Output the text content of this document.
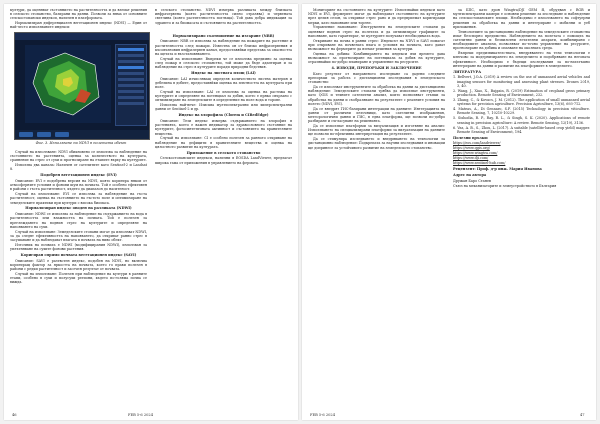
култури, да оценяват състоянието на растителността и да вземат решения в селското стопанство, базирани на данни. Позволи за няма от основните селскостопански индекси, наличен в платформата.
Нормализиран диференциален вегетационен индекс (NDVI) — Един от най-често използваните индекси
в селското стопанство. NDVI измерва разликата между близката инфрачервена (която растителността силно отразява) и червената светлина (която растителността поглъща). Той дава добра индикация за здравето и за биомасата и състоянието на растителността.
Фиг. 3. Използване на NDVI в полетата обект
Случай на използване: NDVI обикновено се използва за наблюдение на състоянието на растенията, оценка за количеството на културата, сравнение на стрес от сухи и прогнозиране на етапите върху на културите.
Използва два канала: Наличен от сателитите като Sentinel-2 и Landsat 8.
Подобрен вегетационен индекс (EVI)
Описание: EVI е подобрена версия на NDVI, която коригира някои от атмосферните условия и фонови шум на почвата. Той е особено ефективен в райони с гъста растителност, където да диапазон до наситеност.
Случай на използване: EVI се използва за наблюдение на гъста растителност, оценка на състоянието на гъстото поле и оптимизиране на земеделските практики при култури с висока биомаса.
Нормализиран индекс оводен на разликата (NDWI)
Описание: NDWI се използва за наблюдение на съдържанието на вода в растителността или влажността на почвата. Той е полезен за преглеждането на водния стрес на културите и определяне на напояването на сухи.
Случай на използване: Земеделските стопани могат да използват NDWI, за да следят ефективността на напояването, да откриват ранно стрес в засушаване и да наблюдават влагата в почвата на ниво обект.
Източник на почвата е NDWI (модифицирания NDWI), използван за уплътняване на сухите фонови растения.
Коригиран спрямо почвата вегетационен индекс (SAVI)
Описание: SAVI е разтвотен индекс, подобен на NDVI, но включва коригиращ фактор за яркостта на почвата, което го прави полезен в райони с редки растителност и засечен резултат от почвата.
Случай на използване: Полезен при наблюдение на култури в ранните етапи, особено в сухи и полусухи региони, където по-голяма почва се вижда.
Нормализирано съотношение на изгаряне (NBR)
Описание: NBR се използва за наблюдение на пожарите на растение и растителността след пожари. Известна он от близко инфрачервения и късовълновия инфрачервен канал, предоставяйки представа за опасността на щетата и възстановяването.
Случай на използване: Въпреки че се използва предимно за оценка след пожар в селското стопанство, той може да бъде адаптиран и за наблюдение на стрес в културите поради природни бедствия.
Индекс на листната площ (LAI)
Описание: LAI изчисляващ определя количеството листна материя и дебелина в добите, предоставяйки оценка на плътността на културата при поле.
Случай на използване: LAI се използва за оценка на растежа на културите и определяне на потенциал за добив, което е пряко свързано с оптимизиране на земеделските в определение на поле вода и торове.
Използва най-вече: Изисква мултиспектрални или хиперспектрални данни от Sentinel-2 и др.
Индекс на хлорофила (Clorem и CIRedEdge)
Описание: Тези индекс измерва съдържанието на хлорофил в растенията, което е важен индикатор за здравословното състояние на културите, фотосинтетичната активност и състоянието на хранителните вещества.
Случай на използване: CI е особено полезен за ранното откриване на наблюдение на дефицити в хранителните вещества и оценка на цялостното развитие на културата.
Приложение в селското стопанство
Селскостопанските индекси, налични в EOSDA LandViewer, предлагат широка гама от приложения в управлението на фермата.
46	FEB 5-6 2024
Мониторинг на състоянието на културите: Използвайки индекси като NDVI и EVI, фермерите могат да наблюдават състоянието на културите през целия сезон, за откриват стрес рано и да предприемат коригиращи мерки, като напояване или торене.
Управление напояване: Инструменти на земеделските стопани да оценяват водния стрес на полетата и да оптимизират графиците за напояване, като гарантират, че културите получават необходимата вода.
Откриване на почва в ранни стрес: Индексът на NDVI и SAVI помагат при откриване на почвената влага и условия на почвата, като дават възможност на фермерите да вземат решения за култури.
Оценка на добива: Комбинирането на индекси във времето дава възможност за прогнозиране на потенциала за добив на културите, отразявайки по-добро планиране и управление на ресурсите.
4. ИЗВОДИ, ПРЕПОРЪКИ И ЗАКЛЮЧЕНИЕ
Като резултат от направеното изследване са дадени следните препоръки за работа с дистанционни изследвания в земеделското стопанство:
Да се използват инструментите за обработка на данни за дистанционно наблюдение: Земеделските стопани трябва да използват инструменти, като QGIS и техните сателитни анализ, които позволяват стъпки за обработка на данни и съобразяване на резултатите с реалните условия на полето (NDVI, EVI).
Да се внедрят ГИС-базирани интеграции на данните: Интеграцията на данни от различни източници, като сателитни изображения, метеорологични данни и ГИС, в една платформа, ще позволи по-добро разбиране и съгласуване на решенията.
Да се използват платформи за визуализация и изготвяне на анализ: Използването на специализирани платформи за визуализация на данните ще позволи по-ефективна интерпретация на резултатите.
Да се стимулира изследването и внедряването на технологии за дистанционно наблюдение: Подкрепата за научни изследвания и иновации ще допринесе за устойчивото развитие на земеделското стопанство.
за БПС, като дрон Wingtra/DJI GEM Я, обрудван с RGB и мултиспектрални камери е основни решение за изследване и наблюдение на селскостопанските площи. Необходимо е използването на софтуерни решения за обработка на данни и интегриране с мобилни и уеб приложения.
Технологиите за дистанционно наблюдение на земеделските стопанства имат безспорно предимство. Наблюдението на полетата с помощта на сателитни данни и безпилотни летателни апарати, комбинирани с необходимите анализи, позволяват по-точно управление на ресурсите, прогнозиране на добива и опазване на околната среда.
Въпреки предизвикателствата, внедряването на тези технологии е ключово за модернизирането на земеделието и подобряване на неговата ефективност. Необходимо е бъдещи изследвания за по-нататъшно интегриране на данни и развитие на платформите в земеделието.
ЛИТЕРАТУРА
1. Bellvert, J.O.A. (2019) A review on the use of unmanned aerial vehicles and imaging sensors for monitoring and assessing plant stresses. Drones 2019, 3, 40.
2. Wang, J., Xiao, X., Bajgain, R. (2019) Estimation of cropland gross primary production. Remote Sensing of Environment, 232.
3. Zhang, C., & Kovacs, J. M. (2012). The application of small unmanned aerial systems for precision agriculture. Precision Agriculture, 13(6), 693-712.
4. Mateas, A., Di Gennaro, S.F. (2015) Technology in precision viticulture. Remote Sensing, 7, 10210-10229.
5. Sishodia, R. P., Ray, R. L., & Singh, S. K. (2020). Applications of remote sensing in precision agriculture: A review. Remote Sensing, 12(19), 3136.
6. Vaz, A. B., S., Zhou, L. (2017). A suitable (satellite-based crop yield) mapper. Remote Sensing of Environment, 194.
Полезни връзки:
https://eos.com/landviewer/
https://www.qgis.org/
https://www.wingtra.com/
https://www.dji.com/
https://www.sentinel-hub.com/
Рецензент: Проф. д-р инж. Мария Иванова
Адрес на автора
Дружан Баро Станев
Съюз на механизаторите и земеустройството в България
FEB 5-6 2024	47
